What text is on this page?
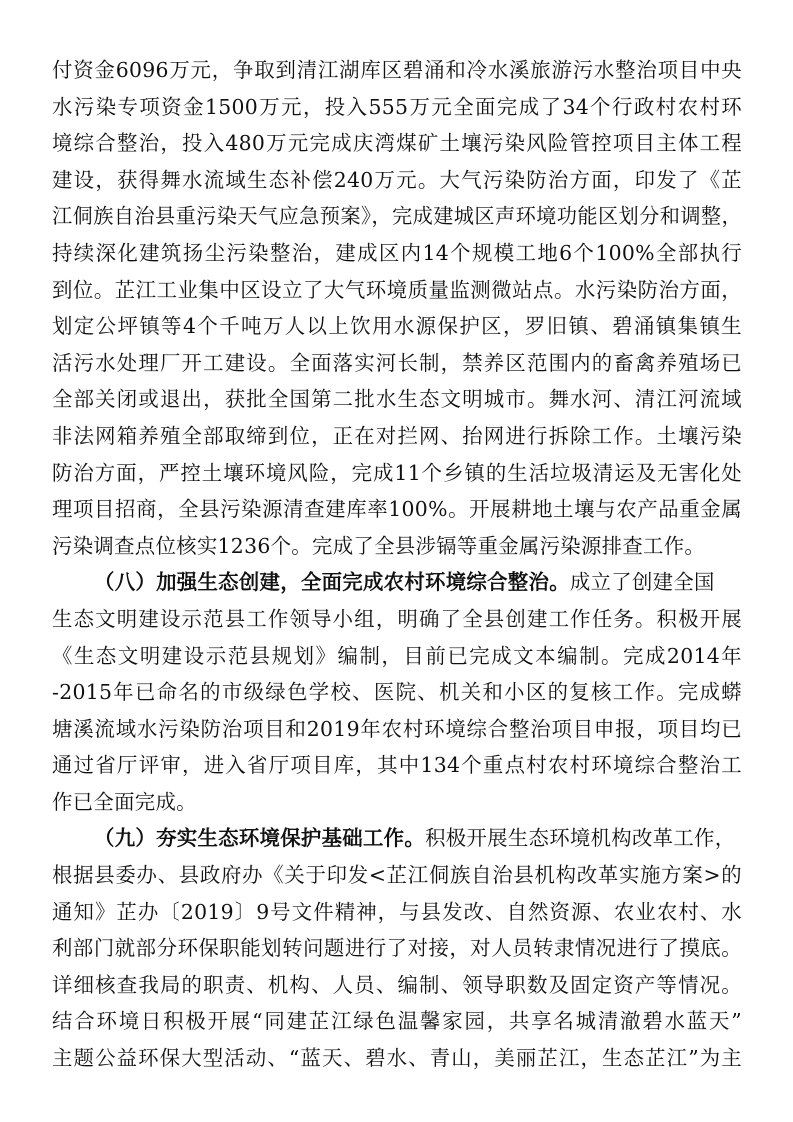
付资金6096万元，争取到清江湖库区碧涌和冷水溪旅游污水整治项目中央
水污染专项资金1500万元，投入555万元全面完成了34个行政村农村环
境综合整治，投入480万元完成庆湾煤矿土壤污染风险管控项目主体工程
建设，获得舞水流域生态补偿240万元。大气污染防治方面，印发了《芷
江侗族自治县重污染天气应急预案》，完成建城区声环境功能区划分和调整，
持续深化建筑扬尘污染整治，建成区内14个规模工地6个100%全部执行
到位。芷江工业集中区设立了大气环境质量监测微站点。水污染防治方面，
划定公坪镇等4个千吨万人以上饮用水源保护区，罗旧镇、碧涌镇集镇生
活污水处理厂开工建设。全面落实河长制，禁养区范围内的畜禽养殖场已
全部关闭或退出，获批全国第二批水生态文明城市。舞水河、清江河流域
非法网箱养殖全部取缔到位，正在对拦网、抬网进行拆除工作。土壤污染
防治方面，严控土壤环境风险，完成11个乡镇的生活垃圾清运及无害化处
理项目招商，全县污染源清查建库率100%。开展耕地土壤与农产品重金属
污染调查点位核实1236个。完成了全县涉镉等重金属污染源排查工作。
（八）加强生态创建，全面完成农村环境综合整治。成立了创建全国
生态文明建设示范县工作领导小组，明确了全县创建工作任务。积极开展
《生态文明建设示范县规划》编制，目前已完成文本编制。完成2014年
-2015年已命名的市级绿色学校、医院、机关和小区的复核工作。完成蟒
塘溪流域水污染防治项目和2019年农村环境综合整治项目申报，项目均已
通过省厅评审，进入省厅项目库，其中134个重点村农村环境综合整治工
作已全面完成。
（九）夯实生态环境保护基础工作。积极开展生态环境机构改革工作，
根据县委办、县政府办《关于印发<芷江侗族自治县机构改革实施方案>的
通知》芷办〔2019〕9号文件精神，与县发改、自然资源、农业农村、水
利部门就部分环保职能划转问题进行了对接，对人员转隶情况进行了摸底。
详细核查我局的职责、机构、人员、编制、领导职数及固定资产等情况。
结合环境日积极开展“同建芷江绿色温馨家园，共享名城清澈碧水蓝天”
主题公益环保大型活动、“蓝天、碧水、青山，美丽芷江，生态芷江”为主
